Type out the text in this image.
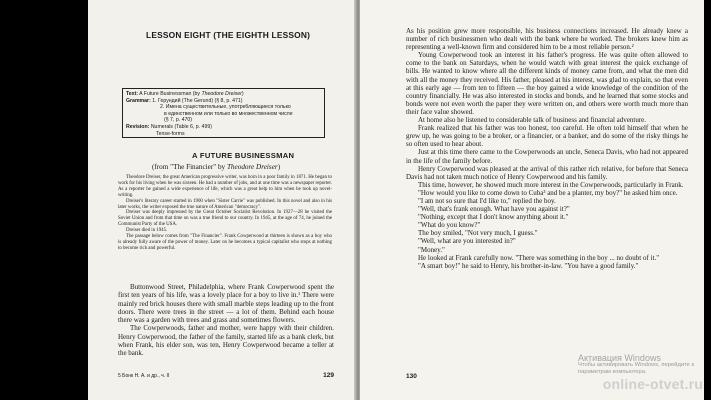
LESSON EIGHT (THE EIGHTH LESSON)
Text: A Future Businessman (by Theodore Dreiser)
Grammar: 1. Герундий (The Gerund) (§ 8, р. 471)
2. Имена существительные, употребляющиеся только
в единственном или только во множественном числе
(§ 7, р. 470)
Revision: Numerals (Table 6, p. 499)
Tense-forms
A FUTURE BUSINESSMAN
(from "The Financier" by Theodore Dreiser)

Theodore Dreiser, the great American progressive writer, was born in a poor family in 1871. He began to work for his living when he was sixteen. He had a number of jobs, and at one time was a newspaper reporter. As a reporter he gained a wide experience of life, which was a great help to him when he took up novel-writing.

Dreiser's literary career started in 1900 when "Sister Carrie" was published. In this novel and also in his later works, the writer exposed the true nature of American "democracy".

Dreiser was deeply impressed by the Great October Socialist Revolution. In 1927—28 he visited the Soviet Union and from that time on was a true friend to our country. In 1945, at the age of 74, he joined the Communist Party of the USA.

Dreiser died in 1945.

The passage below comes from "The Financier". Frank Cowperwood at thirteen is shown as a boy who is already fully aware of the power of money. Later on he becomes a typical capitalist who stops at nothing to become rich and powerful.

Buttonwood Street, Philadelphia, where Frank Cowperwood spent the first ten years of his life, was a lovely place for a boy to live in.¹ There were mainly red brick houses there with small marble steps leading up to the front doors. There were trees in the street — a lot of them. Behind each house there was a garden with trees and grass and sometimes flowers.

The Cowperwoods, father and mother, were happy with their children. Henry Cowperwood, the father of the family, started life as a bank clerk, but when Frank, his elder son, was ten, Henry Cowperwood became a teller at the bank.

5 Бонк Н. А. и др., ч. II	129

As his position grew more responsible, his business connections increased. He already knew a number of rich businessmen who dealt with the bank where he worked. The brokers knew him as representing a well-known firm and considered him to be a most reliable person.²

Young Cowperwood took an interest in his father's progress. He was quite often allowed to come to the bank on Saturdays, when he would watch with great interest the quick exchange of bills. He wanted to know where all the different kinds of money came from, and what the men did with all the money they received. His father, pleased at his interest, was glad to explain, so that even at this early age — from ten to fifteen — the boy gained a wide knowledge of the condition of the country financially. He was also interested in stocks and bonds, and he learned that some stocks and bonds were not even worth the paper they were written on, and others were worth much more than their face value showed.

At home also he listened to considerable talk of business and financial adventure.

Frank realized that his father was too honest, too careful. He often told himself that when he grew up, he was going to be a broker, or a financier, or a banker, and do some of the risky things he so often used to hear about.

Just at this time there came to the Cowperwoods an uncle, Seneca Davis, who had not appeared in the life of the family before.

Henry Cowperwood was pleased at the arrival of this rather rich relative, for before that Seneca Davis had not taken much notice of Henry Cowperwood and his family.

This time, however, he showed much more interest in the Cowperwoods, particularly in Frank.

"How would you like to come down to Cuba³ and be a planter, my boy?" he asked him once.

"I am not so sure that I'd like to," replied the boy.

"Well, that's frank enough. What have you against it?"

"Nothing, except that I don't know anything about it."

"What do you know?"

The boy smiled, "Not very much, I guess."

"Well, what are you interested in?"

"Money."

He looked at Frank carefully now. "There was something in the boy ... no doubt of it."

"A smart boy!" he said to Henry, his brother-in-law. "You have a good family."

130
Активация Windows
Чтобы активировать Windows, перейдите к
параметрам компьютера.
online-otvet.ru
